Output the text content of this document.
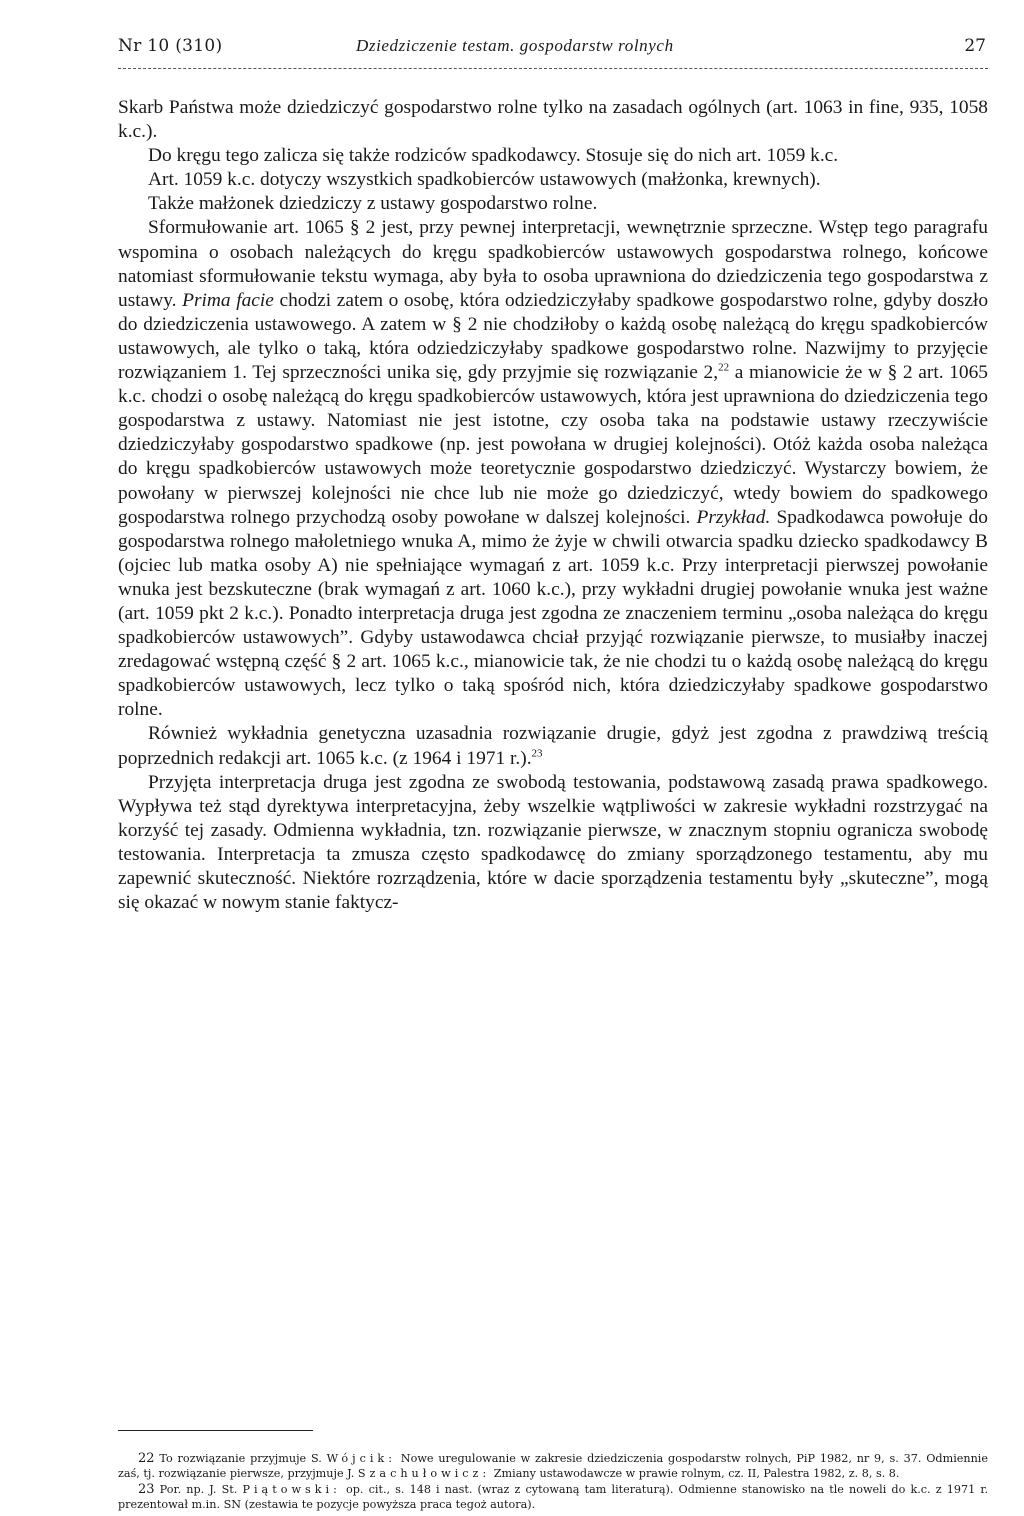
Nr 10 (310)	Dziedziczenie testam. gospodarstw rolnych	27

Skarb Państwa może dziedziczyć gospodarstwo rolne tylko na zasadach ogólnych (art. 1063 in fine, 935, 1058 k.c.).

Do kręgu tego zalicza się także rodziców spadkodawcy. Stosuje się do nich art. 1059 k.c.

Art. 1059 k.c. dotyczy wszystkich spadkobierców ustawowych (małżonka, krewnych).

Także małżonek dziedziczy z ustawy gospodarstwo rolne.

Sformułowanie art. 1065 § 2 jest, przy pewnej interpretacji, wewnętrznie sprzeczne. Wstęp tego paragrafu wspomina o osobach należących do kręgu spadkobierców ustawowych gospodarstwa rolnego, końcowe natomiast sformułowanie tekstu wymaga, aby była to osoba uprawniona do dziedziczenia tego gospodarstwa z ustawy. Prima facie chodzi zatem o osobę, która odziedziczyłaby spadkowe gospodarstwo rolne, gdyby doszło do dziedziczenia ustawowego. A zatem w § 2 nie chodziłoby o każdą osobę należącą do kręgu spadkobierców ustawowych, ale tylko o taką, która odziedziczyłaby spadkowe gospodarstwo rolne. Nazwijmy to przyjęcie rozwiązaniem 1. Tej sprzeczności unika się, gdy przyjmie się rozwiązanie 2,22 a mianowicie że w § 2 art. 1065 k.c. chodzi o osobę należącą do kręgu spadkobierców ustawowych, która jest uprawniona do dziedziczenia tego gospodarstwa z ustawy. Natomiast nie jest istotne, czy osoba taka na podstawie ustawy rzeczywiście dziedziczyłaby gospodarstwo spadkowe (np. jest powołana w drugiej kolejności). Otóż każda osoba należąca do kręgu spadkobierców ustawowych może teoretycznie gospodarstwo dziedziczyć. Wystarczy bowiem, że powołany w pierwszej kolejności nie chce lub nie może go dziedziczyć, wtedy bowiem do spadkowego gospodarstwa rolnego przychodzą osoby powołane w dalszej kolejności. Przykład. Spadkodawca powołuje do gospodarstwa rolnego małoletniego wnuka A, mimo że żyje w chwili otwarcia spadku dziecko spadkodawcy B (ojciec lub matka osoby A) nie spełniające wymagań z art. 1059 k.c. Przy interpretacji pierwszej powołanie wnuka jest bezskuteczne (brak wymagań z art. 1060 k.c.), przy wykładni drugiej powołanie wnuka jest ważne (art. 1059 pkt 2 k.c.). Ponadto interpretacja druga jest zgodna ze znaczeniem terminu „osoba należąca do kręgu spadkobierców ustawowych”. Gdyby ustawodawca chciał przyjąć rozwiązanie pierwsze, to musiałby inaczej zredagować wstępną część § 2 art. 1065 k.c., mianowicie tak, że nie chodzi tu o każdą osobę należącą do kręgu spadkobierców ustawowych, lecz tylko o taką spośród nich, która dziedziczyłaby spadkowe gospodarstwo rolne.

Również wykładnia genetyczna uzasadnia rozwiązanie drugie, gdyż jest zgodna z prawdziwą treścią poprzednich redakcji art. 1065 k.c. (z 1964 i 1971 r.).$^{23}$

Przyjęta interpretacja druga jest zgodna ze swobodą testowania, podstawową zasadą prawa spadkowego. Wypływa też stąd dyrektywa interpretacyjna, żeby wszelkie wątpliwości w zakresie wykładni rozstrzygać na korzyść tej zasady. Odmienna wykładnia, tzn. rozwiązanie pierwsze, w znacznym stopniu ogranicza swobodę testowania. Interpretacja ta zmusza często spadkodawcę do zmiany sporządzonego testamentu, aby mu zapewnić skuteczność. Niektóre rozrządzenia, które w dacie sporządzenia testamentu były „skuteczne”, mogą się okazać w nowym stanie faktycz-

22 To rozwiązanie przyjmuje S. Wójcik: Nowe uregulowanie w zakresie dziedziczenia gospodarstw rolnych, PiP 1982, nr 9, s. 37. Odmiennie zaś, tj. rozwiązanie pierwsze, przyjmuje J. Szachułowicz: Zmiany ustawodawcze w prawie rolnym, cz. II, Palestra 1982, z. 8, s. 8.

23 Por. np. J. St. Piątowski: op. cit., s. 148 i nast. (wraz z cytowaną tam literaturą). Odmienne stanowisko na tle noweli do k.c. z 1971 r. prezentował m.in. SN (zestawia te pozycje powyższa praca tegoż autora).
